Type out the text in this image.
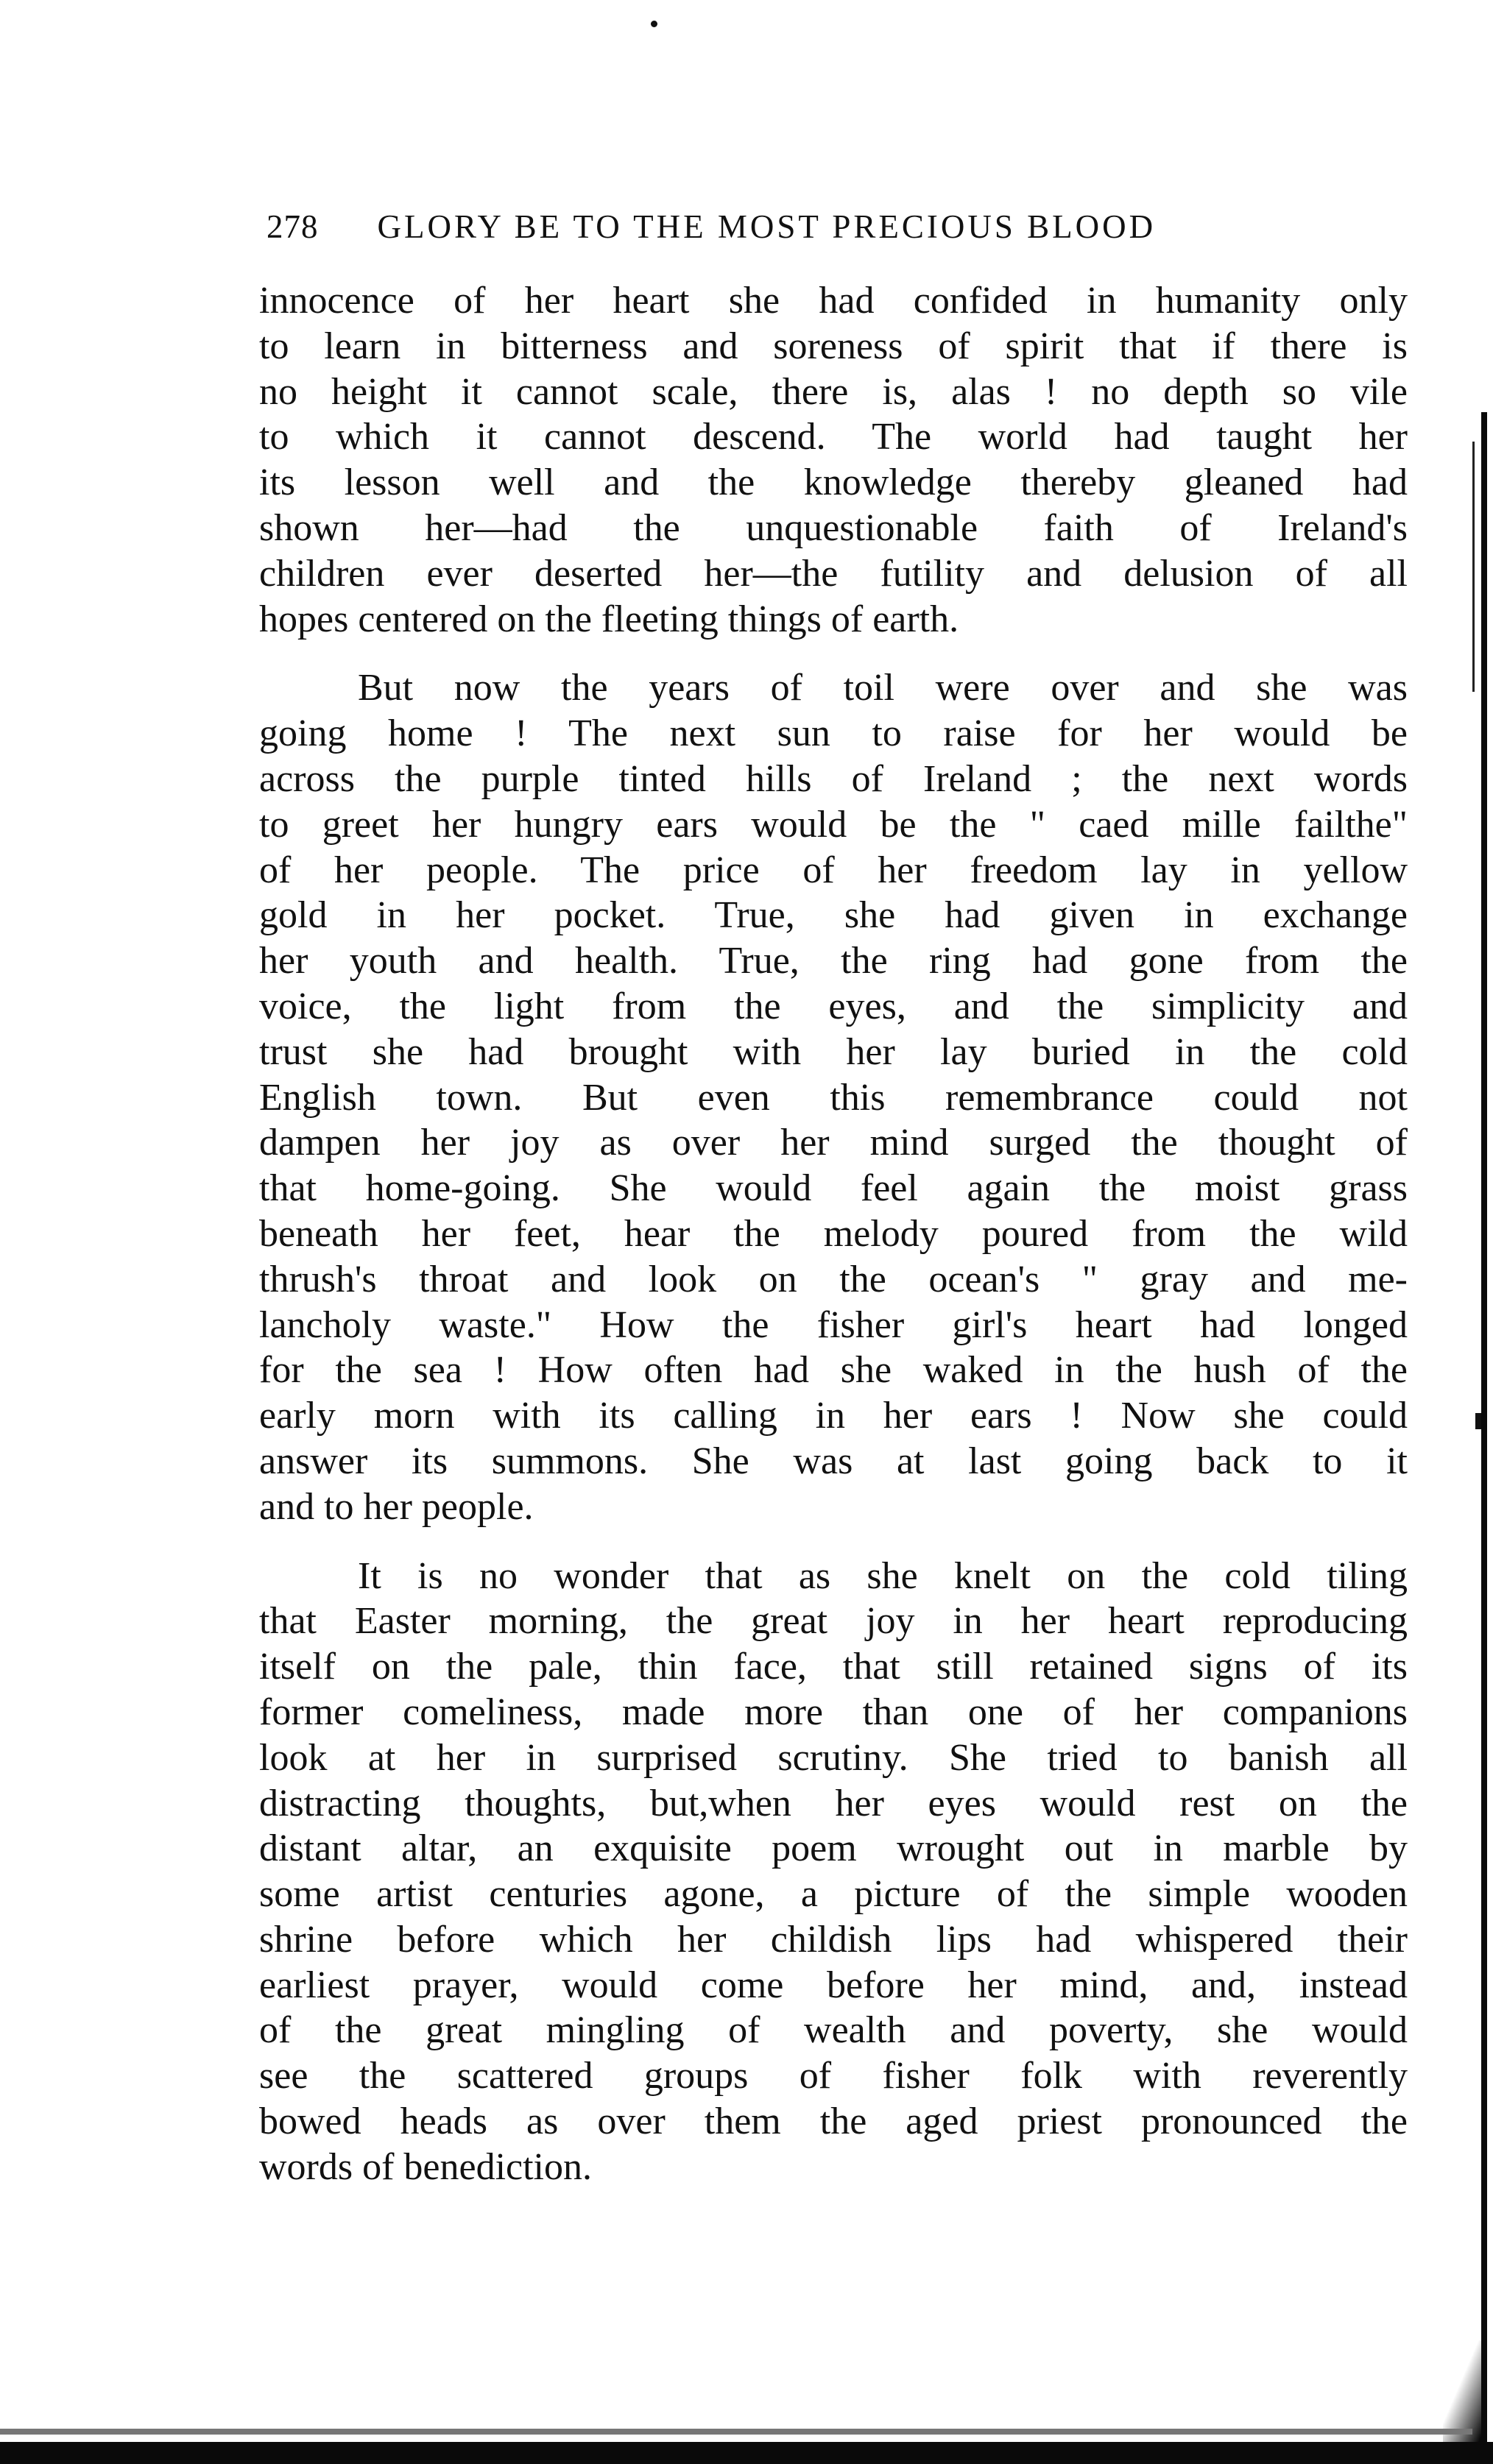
278 GLORY BE TO THE MOST PRECIOUS BLOOD

innocence of her heart she had confided in humanity only
to learn in bitterness and soreness of spirit that if there is
no height it cannot scale, there is, alas ! no depth so vile
to which it cannot descend. The world had taught her
its lesson well and the knowledge thereby gleaned had
shown her—had the unquestionable faith of Ireland's
children ever deserted her—the futility and delusion of all
hopes centered on the fleeting things of earth.

But now the years of toil were over and she was
going home ! The next sun to raise for her would be
across the purple tinted hills of Ireland ; the next words
to greet her hungry ears would be the " caed mille failthe"
of her people. The price of her freedom lay in yellow
gold in her pocket. True, she had given in exchange
her youth and health. True, the ring had gone from the
voice, the light from the eyes, and the simplicity and
trust she had brought with her lay buried in the cold
English town. But even this remembrance could not
dampen her joy as over her mind surged the thought of
that home-going. She would feel again the moist grass
beneath her feet, hear the melody poured from the wild
thrush's throat and look on the ocean's " gray and me-
lancholy waste." How the fisher girl's heart had longed
for the sea ! How often had she waked in the hush of the
early morn with its calling in her ears ! Now she could
answer its summons. She was at last going back to it
and to her people.

It is no wonder that as she knelt on the cold tiling
that Easter morning, the great joy in her heart reproducing
itself on the pale, thin face, that still retained signs of its
former comeliness, made more than one of her companions
look at her in surprised scrutiny. She tried to banish all
distracting thoughts, but,when her eyes would rest on the
distant altar, an exquisite poem wrought out in marble by
some artist centuries agone, a picture of the simple wooden
shrine before which her childish lips had whispered their
earliest prayer, would come before her mind, and, instead
of the great mingling of wealth and poverty, she would
see the scattered groups of fisher folk with reverently
bowed heads as over them the aged priest pronounced the
words of benediction.
